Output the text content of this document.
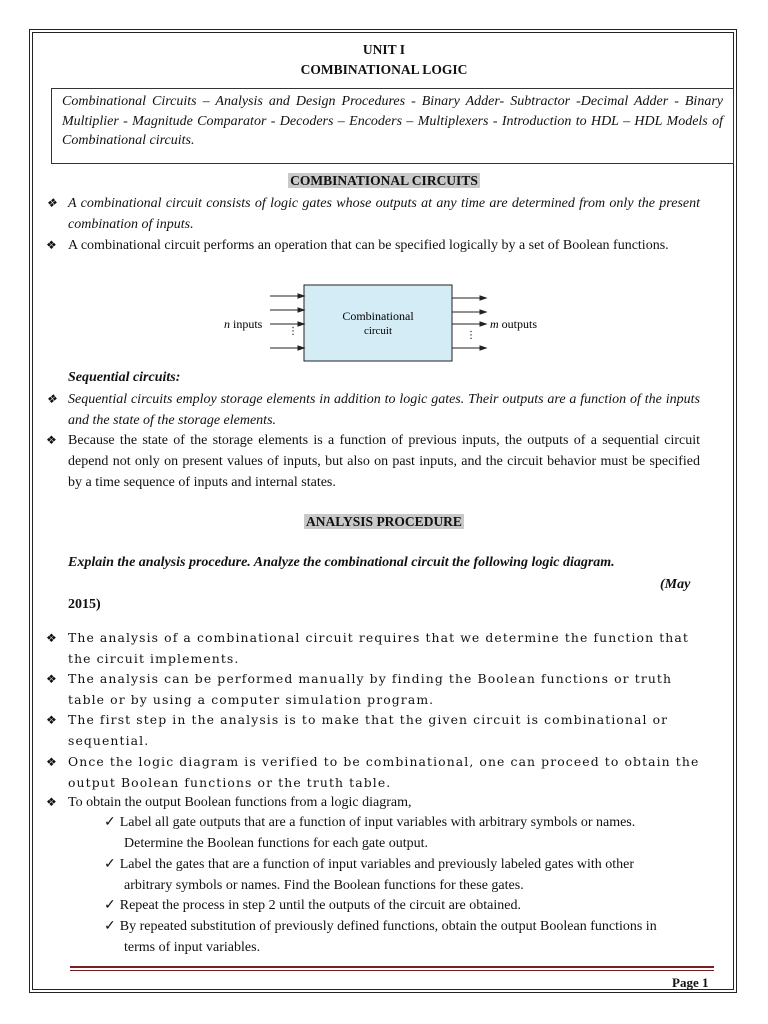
UNIT I
COMBINATIONAL LOGIC
Combinational Circuits – Analysis and Design Procedures - Binary Adder- Subtractor -Decimal Adder - Binary Multiplier - Magnitude Comparator - Decoders – Encoders – Multiplexers - Introduction to HDL – HDL Models of Combinational circuits.
COMBINATIONAL CIRCUITS
❖ A combinational circuit consists of logic gates whose outputs at any time are determined from only the present combination of inputs.
❖ A combinational circuit performs an operation that can be specified logically by a set of Boolean functions.
Combinational
circuit
⋮	⋮
n inputs	m outputs
Sequential circuits:
❖ Sequential circuits employ storage elements in addition to logic gates. Their outputs are a function of the inputs and the state of the storage elements.
❖ Because the state of the storage elements is a function of previous inputs, the outputs of a sequential circuit depend not only on present values of inputs, but also on past inputs, and the circuit behavior must be specified by a time sequence of inputs and internal states.
ANALYSIS PROCEDURE
Explain the analysis procedure. Analyze the combinational circuit the following logic diagram.
(May
2015)
❖ The analysis of a combinational circuit requires that we determine the function that the circuit implements.
❖ The analysis can be performed manually by finding the Boolean functions or truth table or by using a computer simulation program.
❖ The first step in the analysis is to make that the given circuit is combinational or sequential.
❖ Once the logic diagram is verified to be combinational, one can proceed to obtain the output Boolean functions or the truth table.
❖ To obtain the output Boolean functions from a logic diagram,
✓ Label all gate outputs that are a function of input variables with arbitrary symbols or names.
Determine the Boolean functions for each gate output.
✓ Label the gates that are a function of input variables and previously labeled gates with other
arbitrary symbols or names. Find the Boolean functions for these gates.
✓ Repeat the process in step 2 until the outputs of the circuit are obtained.
✓ By repeated substitution of previously defined functions, obtain the output Boolean functions in
terms of input variables.
Page 1
